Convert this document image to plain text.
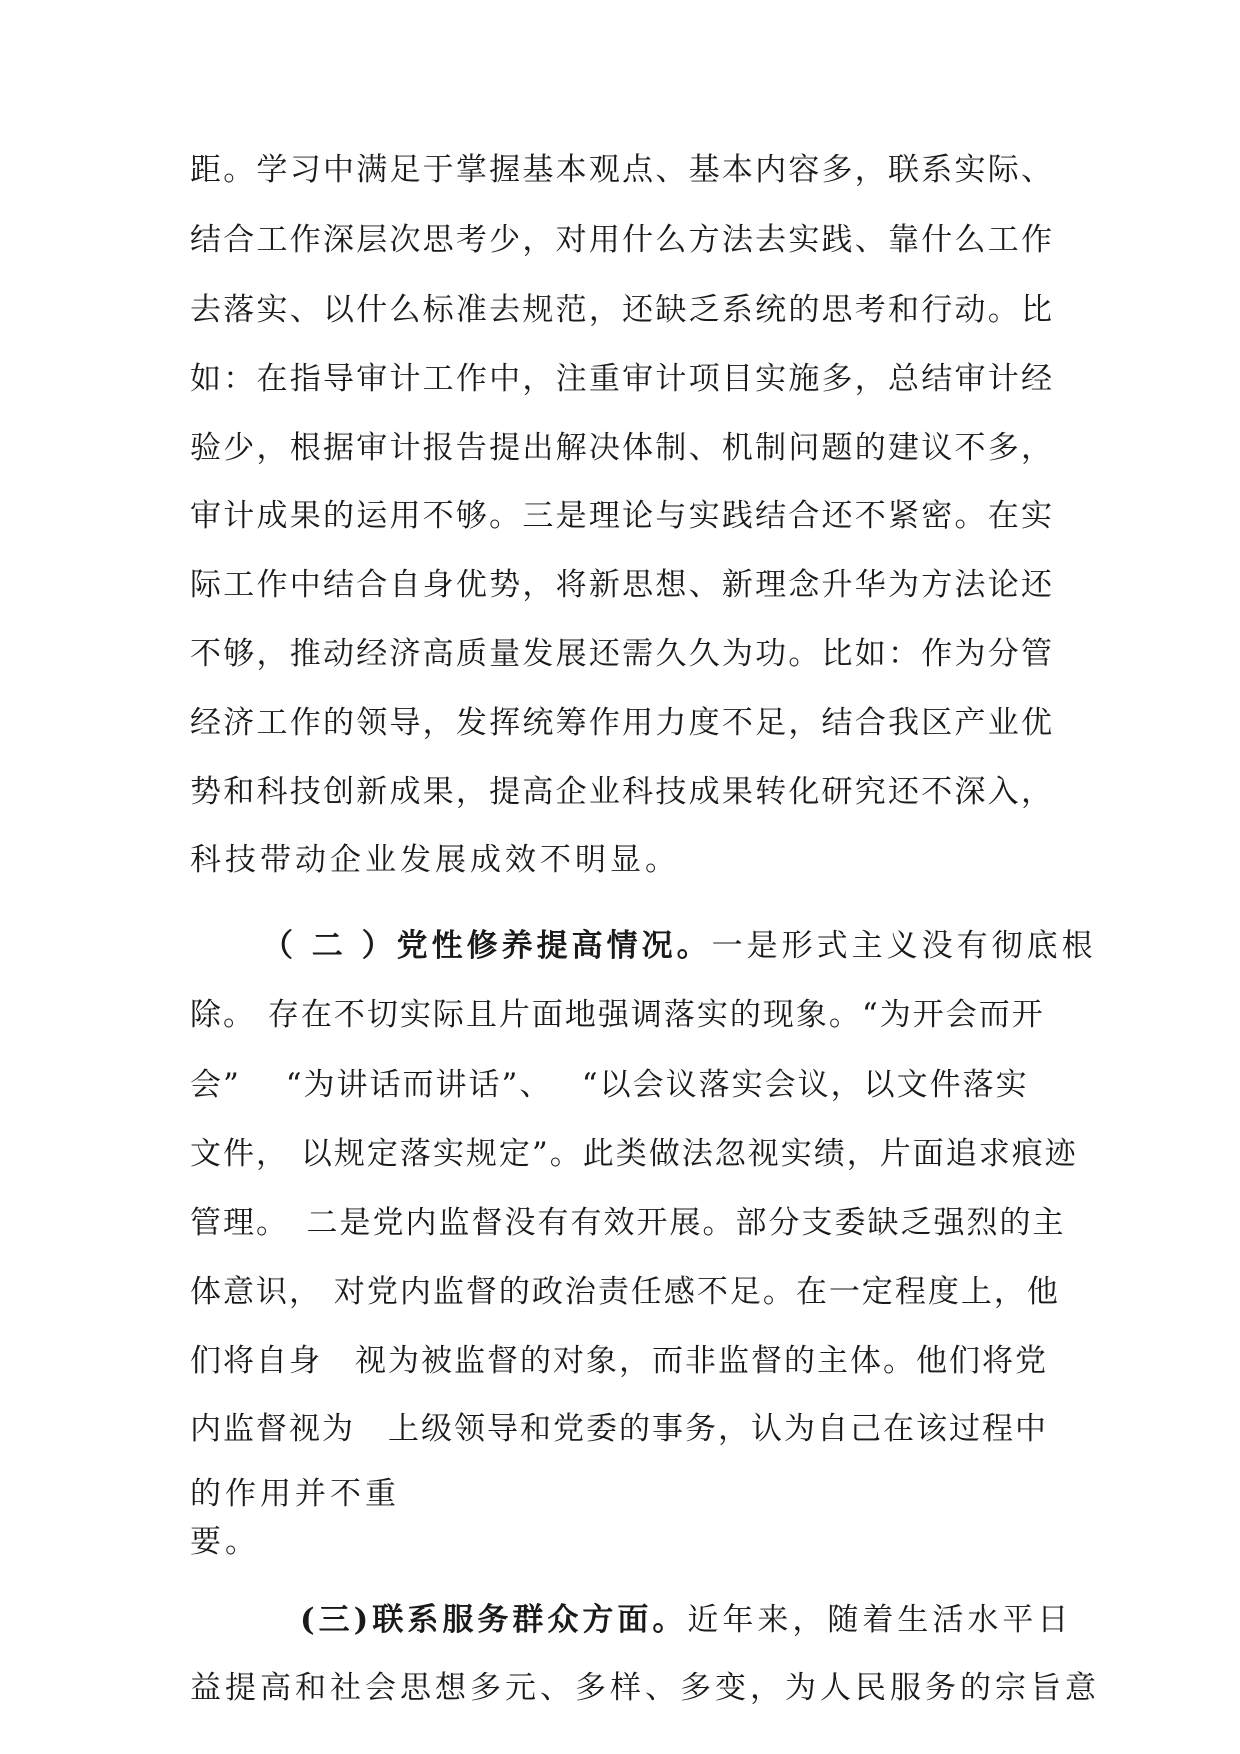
距。学习中满足于掌握基本观点、基本内容多，联系实际、
结合工作深层次思考少，对用什么方法去实践、靠什么工作
去落实、以什么标准去规范，还缺乏系统的思考和行动。比
如：在指导审计工作中，注重审计项目实施多，总结审计经
验少，根据审计报告提出解决体制、机制问题的建议不多，
审计成果的运用不够。三是理论与实践结合还不紧密。在实
际工作中结合自身优势，将新思想、新理念升华为方法论还
不够，推动经济高质量发展还需久久为功。比如：作为分管
经济工作的领导，发挥统筹作用力度不足，结合我区产业优
势和科技创新成果，提高企业科技成果转化研究还不深入，
科技带动企业发展成效不明显。
（ 二 ）党性修养提高情况。一是形式主义没有彻底根
除。 存在不切实际且片面地强调落实的现象。“为开会而开
会”　 “为讲话而讲话”、　 “以会议落实会议，以文件落实
文件， 以规定落实规定”。此类做法忽视实绩，片面追求痕迹
管理。　二是党内监督没有有效开展。部分支委缺乏强烈的主
体意识， 对党内监督的政治责任感不足。在一定程度上，他
们将自身　视为被监督的对象，而非监督的主体。他们将党
内监督视为　上级领导和党委的事务，认为自己在该过程中
的作用并不重
要。
(三)联系服务群众方面。近年来，随着生活水平日
益提高和社会思想多元、多样、多变，为人民服务的宗旨意
